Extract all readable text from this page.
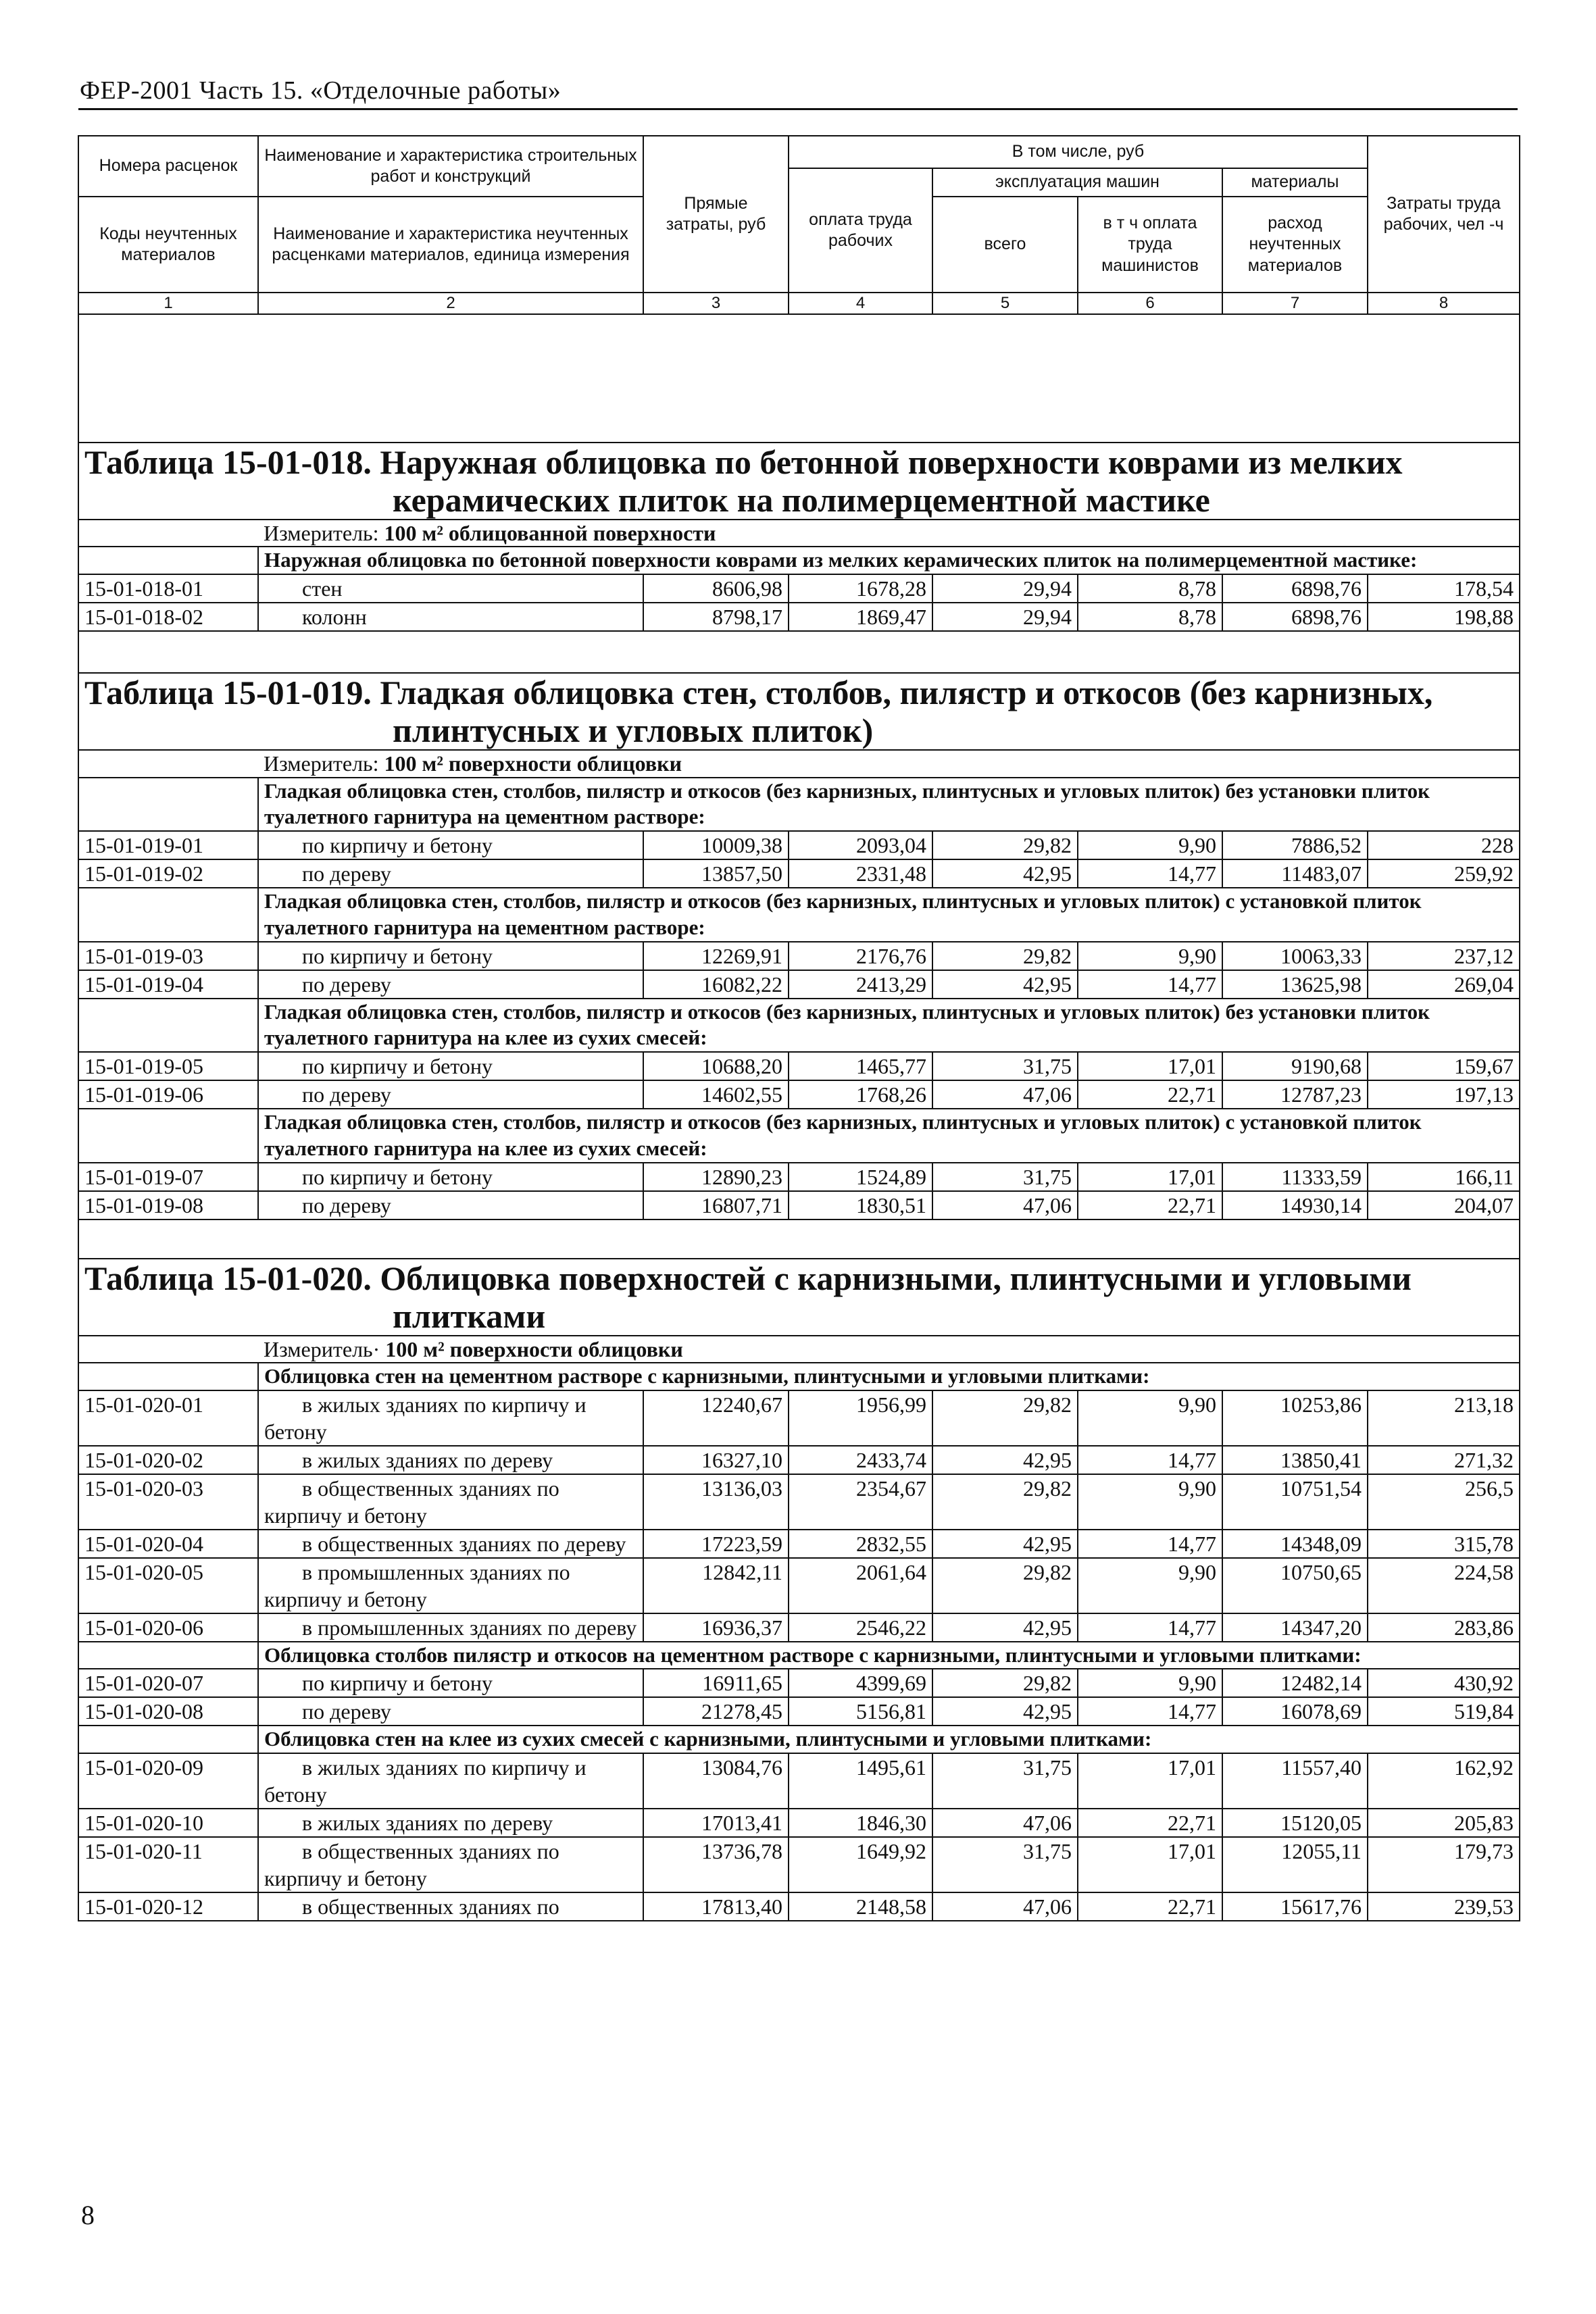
ФЕР-2001 Часть 15. «Отделочные работы»
Номера расценок	Наименование и характеристика строительных работ и конструкций	Прямые затраты, руб	В том числе, руб				Затраты труда рабочих, чел -ч
			оплата труда рабочих	эксплуатация машин		материалы	
Коды неучтенных материалов	Наименование и характеристика неучтенных расценками материалов, единица измерения			всего	в т ч оплата труда машинистов	расход неучтенных материалов	
1	2	3	4	5	6	7	8

Таблица 15-01-018. Наружная облицовка по бетонной поверхности коврами из мелких
керамических плиток на полимерцементной мастике							

	Измеритель: 100 м² облицованной поверхности						
	Наружная облицовка по бетонной поверхности коврами из мелких керамических плиток на полимерцементной мастике:						
15-01-018-01	стен	8606,98	1678,28	29,94	8,78	6898,76	178,54
15-01-018-02	колонн	8798,17	1869,47	29,94	8,78	6898,76	198,88

Таблица 15-01-019. Гладкая облицовка стен, столбов, пилястр и откосов (без карнизных,
плинтусных и угловых плиток)							

	Измеритель: 100 м² поверхности облицовки						
	Гладкая облицовка стен, столбов, пилястр и откосов (без карнизных, плинтусных и угловых плиток) без установки плиток туалетного гарнитура на цементном растворе:						
15-01-019-01	по кирпичу и бетону	10009,38	2093,04	29,82	9,90	7886,52	228
15-01-019-02	по дереву	13857,50	2331,48	42,95	14,77	11483,07	259,92
	Гладкая облицовка стен, столбов, пилястр и откосов (без карнизных, плинтусных и угловых плиток) с установкой плиток туалетного гарнитура на цементном растворе:						
15-01-019-03	по кирпичу и бетону	12269,91	2176,76	29,82	9,90	10063,33	237,12
15-01-019-04	по дереву	16082,22	2413,29	42,95	14,77	13625,98	269,04
	Гладкая облицовка стен, столбов, пилястр и откосов (без карнизных, плинтусных и угловых плиток) без установки плиток туалетного гарнитура на клее из сухих смесей:						
15-01-019-05	по кирпичу и бетону	10688,20	1465,77	31,75	17,01	9190,68	159,67
15-01-019-06	по дереву	14602,55	1768,26	47,06	22,71	12787,23	197,13
	Гладкая облицовка стен, столбов, пилястр и откосов (без карнизных, плинтусных и угловых плиток) с установкой плиток туалетного гарнитура на клее из сухих смесей:						
15-01-019-07	по кирпичу и бетону	12890,23	1524,89	31,75	17,01	11333,59	166,11
15-01-019-08	по дереву	16807,71	1830,51	47,06	22,71	14930,14	204,07

Таблица 15-01-020. Облицовка поверхностей с карнизными, плинтусными и угловыми
плитками							

	Измеритель· 100 м² поверхности облицовки						
	Облицовка стен на цементном растворе с карнизными, плинтусными и угловыми плитками:						
15-01-020-01	в жилых зданиях по кирпичу и бетону	12240,67	1956,99	29,82	9,90	10253,86	213,18
15-01-020-02	в жилых зданиях по дереву	16327,10	2433,74	42,95	14,77	13850,41	271,32
15-01-020-03	в общественных зданиях по кирпичу и бетону	13136,03	2354,67	29,82	9,90	10751,54	256,5
15-01-020-04	в общественных зданиях по дереву	17223,59	2832,55	42,95	14,77	14348,09	315,78
15-01-020-05	в промышленных зданиях по кирпичу и бетону	12842,11	2061,64	29,82	9,90	10750,65	224,58
15-01-020-06	в промышленных зданиях по дереву	16936,37	2546,22	42,95	14,77	14347,20	283,86
	Облицовка столбов пилястр и откосов на цементном растворе с карнизными, плинтусными и угловыми плитками:						
15-01-020-07	по кирпичу и бетону	16911,65	4399,69	29,82	9,90	12482,14	430,92
15-01-020-08	по дереву	21278,45	5156,81	42,95	14,77	16078,69	519,84
	Облицовка стен на клее из сухих смесей с карнизными, плинтусными и угловыми плитками:						
15-01-020-09	в жилых зданиях по кирпичу и бетону	13084,76	1495,61	31,75	17,01	11557,40	162,92
15-01-020-10	в жилых зданиях по дереву	17013,41	1846,30	47,06	22,71	15120,05	205,83
15-01-020-11	в общественных зданиях по кирпичу и бетону	13736,78	1649,92	31,75	17,01	12055,11	179,73
15-01-020-12	в общественных зданиях по	17813,40	2148,58	47,06	22,71	15617,76	239,53
8
